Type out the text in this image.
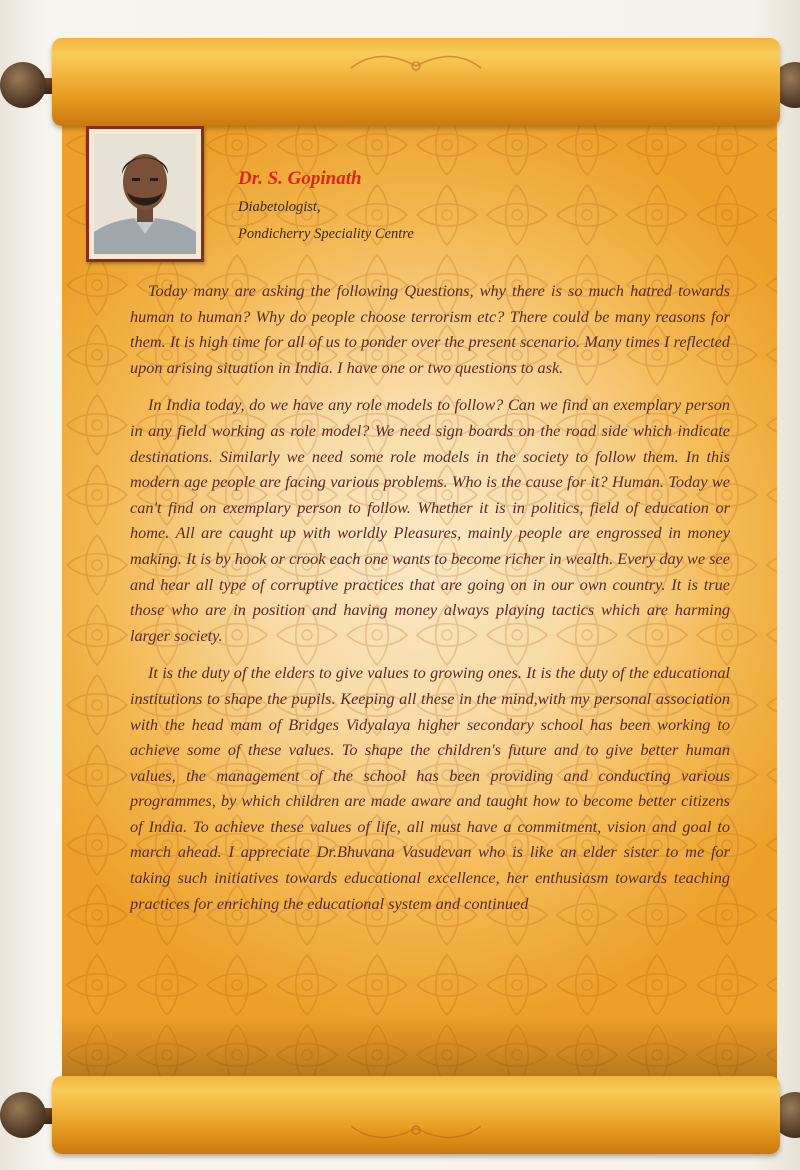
Dr. S. Gopinath
Diabetologist,
Pondicherry Speciality Centre

Today many are asking the following Questions, why there is so much hatred towards human to human? Why do people choose terrorism etc? There could be many reasons for them. It is high time for all of us to ponder over the present scenario. Many times I reflected upon arising situation in India. I have one or two questions to ask.

In India today, do we have any role models to follow? Can we find an exemplary person in any field working as role model? We need sign boards on the road side which indicate destinations. Similarly we need some role models in the society to follow them. In this modern age people are facing various problems. Who is the cause for it? Human. Today we can't find on exemplary person to follow. Whether it is in politics, field of education or home. All are caught up with worldly Pleasures, mainly people are engrossed in money making. It is by hook or crook each one wants to become richer in wealth. Every day we see and hear all type of corruptive practices that are going on in our own country. It is true those who are in position and having money always playing tactics which are harming larger society.

It is the duty of the elders to give values to growing ones. It is the duty of the educational institutions to shape the pupils. Keeping all these in the mind,with my personal association with the head mam of Bridges Vidyalaya higher secondary school has been working to achieve some of these values. To shape the children's future and to give better human values, the management of the school has been providing and conducting various programmes, by which children are made aware and taught how to become better citizens of India. To achieve these values of life, all must have a commitment, vision and goal to march ahead. I appreciate Dr.Bhuvana Vasudevan who is like an elder sister to me for taking such initiatives towards educational excellence, her enthusiasm towards teaching practices for enriching the educational system and continued
